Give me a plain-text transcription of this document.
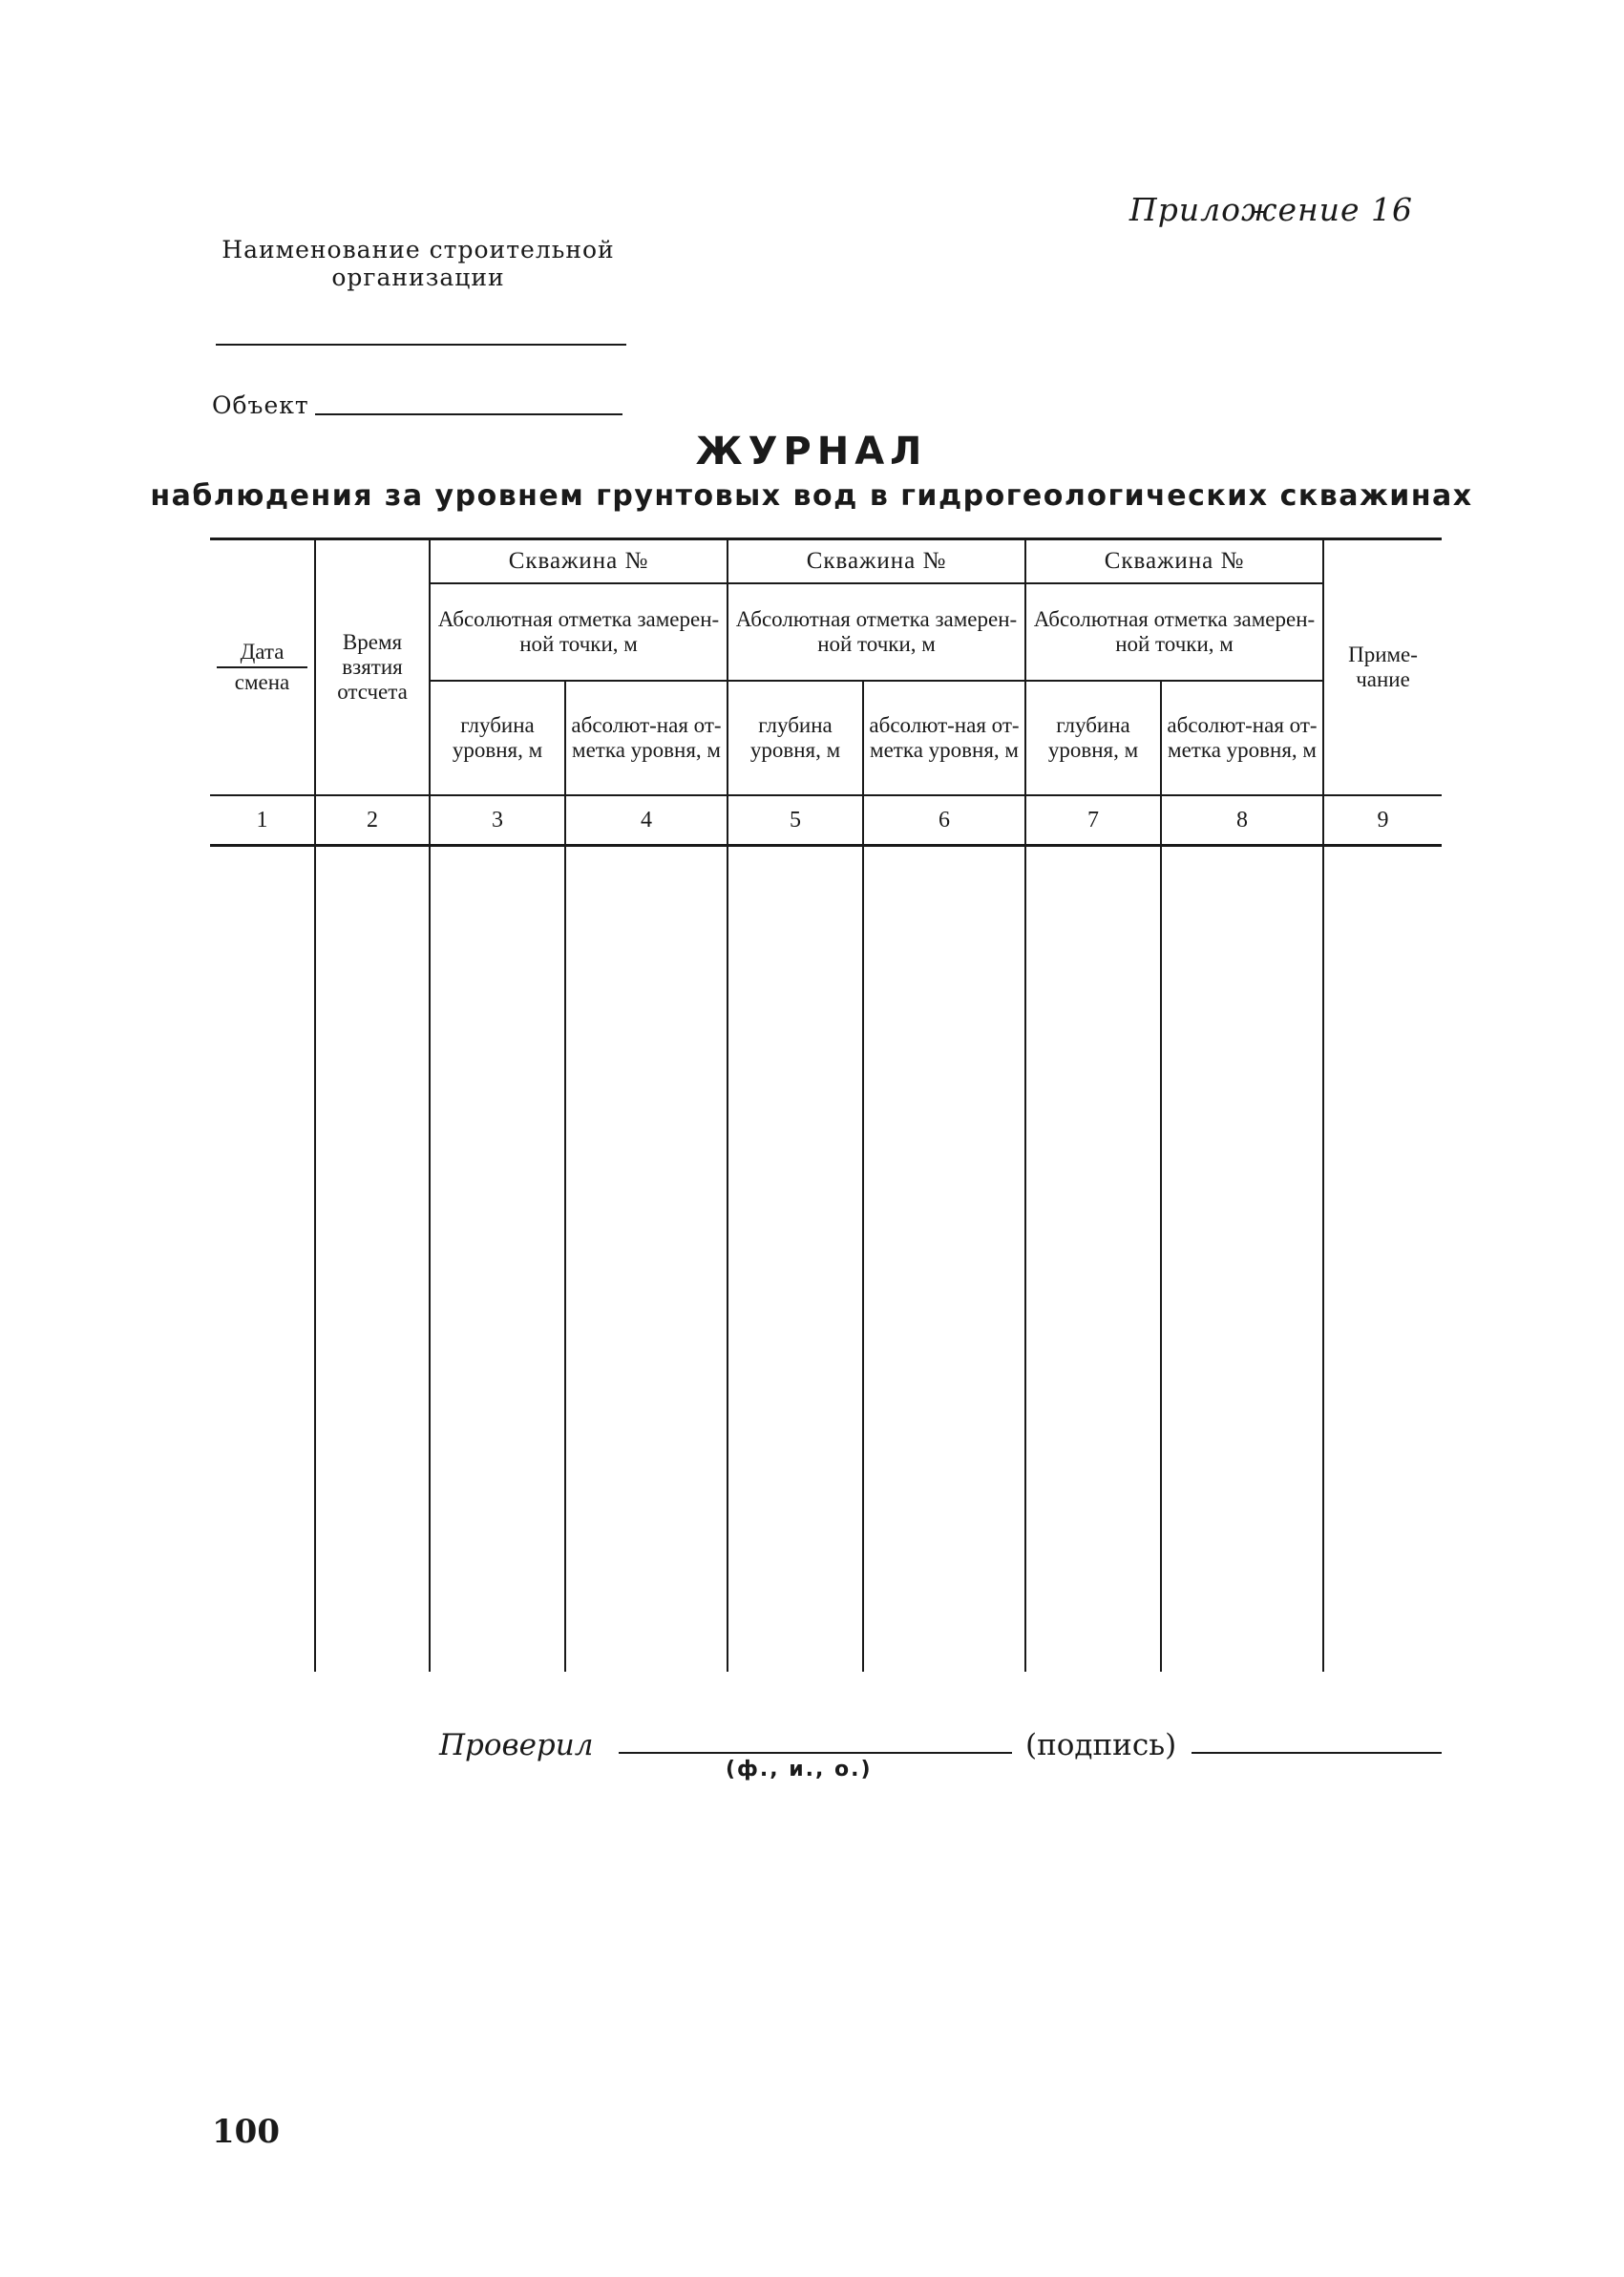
Приложение 16
Наименование строительной
организации
Объект
ЖУРНАЛ
наблюдения за уровнем грунтовых вод в гидрогеологических скважинах
Дата
смена	Время взятия отсчета	Скважина №		Скважина №		Скважина №		Приме-чание
		Абсолютная отметка замерен-ной точки, м		Абсолютная отметка замерен-ной точки, м		Абсолютная отметка замерен-ной точки, м		
		глубина уровня, м	абсолют-ная от-метка уровня, м	глубина уровня, м	абсолют-ная от-метка уровня, м	глубина уровня, м	абсолют-ная от-метка уровня, м	
1	2	3	4	5	6	7	8	9

Проверил
(ф., и., о.)
(подпись)
100
